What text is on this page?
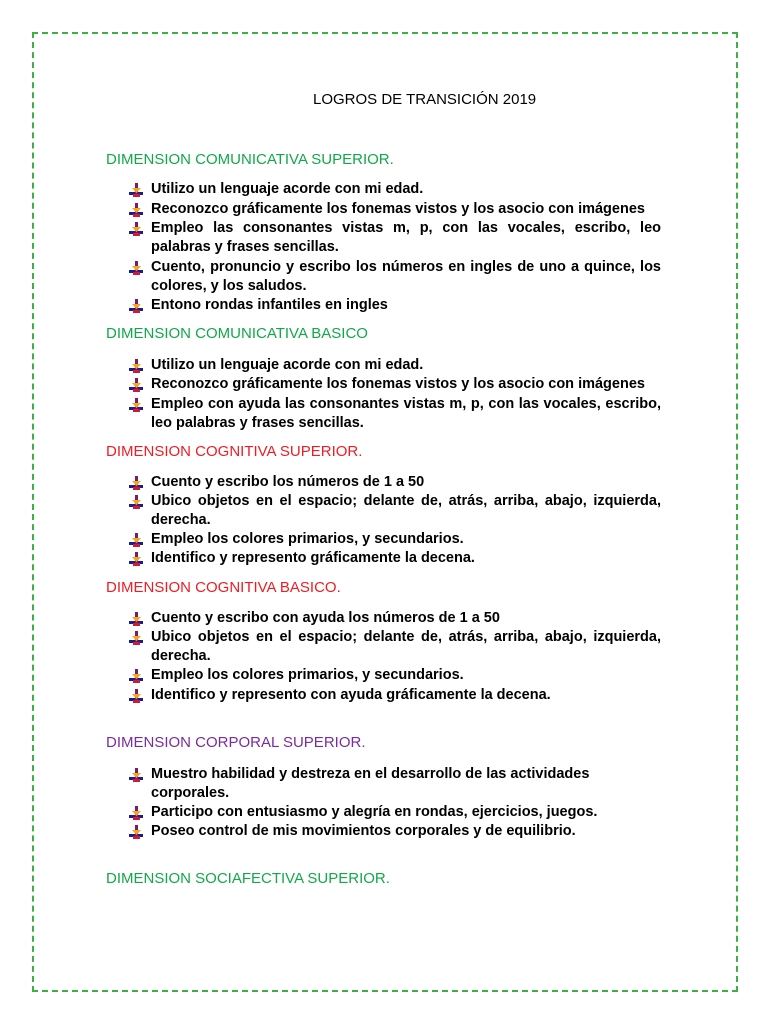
LOGROS DE TRANSICIÓN 2019
DIMENSION COMUNICATIVA SUPERIOR.
Utilizo un lenguaje acorde con mi edad.
Reconozco gráficamente los fonemas vistos y los asocio con imágenes
Empleo las consonantes vistas m, p, con las vocales, escribo, leo palabras y frases sencillas.
Cuento, pronuncio y escribo los números en ingles de uno a quince, los colores, y los saludos.
Entono rondas infantiles en ingles
DIMENSION COMUNICATIVA BASICO
Utilizo un lenguaje acorde con mi edad.
Reconozco gráficamente los fonemas vistos y los asocio con imágenes
Empleo con ayuda las consonantes vistas m, p, con las vocales, escribo, leo palabras y frases sencillas.
DIMENSION COGNITIVA SUPERIOR.
Cuento y escribo los números de 1 a 50
Ubico objetos en el espacio; delante de, atrás, arriba, abajo, izquierda, derecha.
Empleo los colores primarios, y secundarios.
Identifico y represento gráficamente la decena.
DIMENSION COGNITIVA BASICO.
Cuento y escribo con ayuda los números de 1 a 50
Ubico objetos en el espacio; delante de, atrás, arriba, abajo, izquierda, derecha.
Empleo los colores primarios, y secundarios.
Identifico y represento con ayuda gráficamente la decena.
DIMENSION CORPORAL SUPERIOR.
Muestro habilidad y destreza en el desarrollo de las actividades corporales.
Participo con entusiasmo y alegría en rondas, ejercicios, juegos.
Poseo control de mis movimientos corporales y de equilibrio.
DIMENSION SOCIAFECTIVA SUPERIOR.
